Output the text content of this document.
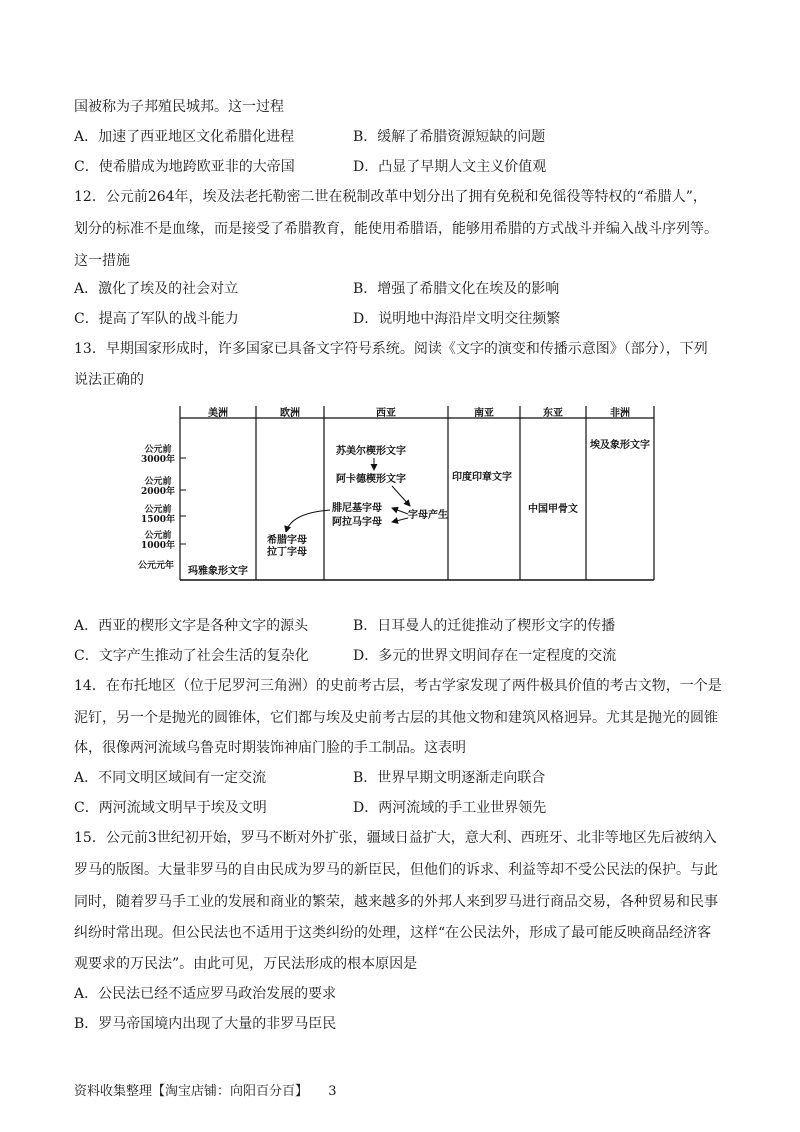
国被称为子邦殖民城邦。这一过程
A．加速了西亚地区文化希腊化进程	B．缓解了希腊资源短缺的问题
C．使希腊成为地跨欧亚非的大帝国	D．凸显了早期人文主义价值观
12．公元前264年，埃及法老托勒密二世在税制改革中划分出了拥有免税和免徭役等特权的“希腊人”，
划分的标准不是血缘，而是接受了希腊教育，能使用希腊语，能够用希腊的方式战斗并编入战斗序列等。
这一措施
A．激化了埃及的社会对立	B．增强了希腊文化在埃及的影响
C．提高了军队的战斗能力	D．说明地中海沿岸文明交往频繁
13．早期国家形成时，许多国家已具备文字符号系统。阅读《文字的演变和传播示意图》（部分），下列
说法正确的
美洲	欧洲	西亚	南亚	东亚	非洲
公元前
3000年
公元前
2000年
公元前
1500年
公元前
1000年
公元元年
苏美尔楔形文字
阿卡德楔形文字
腓尼基字母
阿拉马字母
字母产生
希腊字母
拉丁字母
玛雅象形文字
印度印章文字
中国甲骨文
埃及象形文字
A．西亚的楔形文字是各种文字的源头	B．日耳曼人的迁徙推动了楔形文字的传播
C．文字产生推动了社会生活的复杂化	D．多元的世界文明间存在一定程度的交流
14．在布托地区（位于尼罗河三角洲）的史前考古层，考古学家发现了两件极具价值的考古文物，一个是
泥钉，另一个是抛光的圆锥体，它们都与埃及史前考古层的其他文物和建筑风格迥异。尤其是抛光的圆锥
体，很像两河流域乌鲁克时期装饰神庙门脸的手工制品。这表明
A．不同文明区域间有一定交流	B．世界早期文明逐渐走向联合
C．两河流域文明早于埃及文明	D．两河流域的手工业世界领先
15．公元前3世纪初开始，罗马不断对外扩张，疆域日益扩大，意大利、西班牙、北非等地区先后被纳入
罗马的版图。大量非罗马的自由民成为罗马的新臣民，但他们的诉求、利益等却不受公民法的保护。与此
同时，随着罗马手工业的发展和商业的繁荣，越来越多的外邦人来到罗马进行商品交易，各种贸易和民事
纠纷时常出现。但公民法也不适用于这类纠纷的处理，这样“在公民法外，形成了最可能反映商品经济客
观要求的万民法”。由此可见，万民法形成的根本原因是
A．公民法已经不适应罗马政治发展的要求
B．罗马帝国境内出现了大量的非罗马臣民
资料收集整理【淘宝店铺：向阳百分百】 3
